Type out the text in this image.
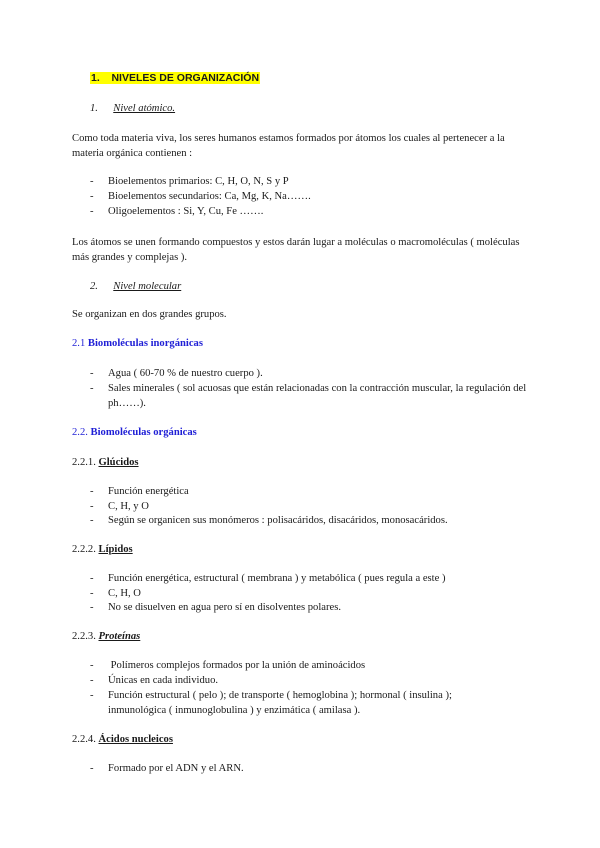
1. NIVELES DE ORGANIZACIÓN
1. Nivel atómico.

Como toda materia viva, los seres humanos estamos formados por átomos los cuales al pertenecer a la materia orgánica contienen :

- Bioelementos primarios: C, H, O, N, S y P
- Bioelementos secundarios: Ca, Mg, K, Na…….
- Oligoelementos : Si, Y, Cu, Fe …….

Los átomos se unen formando compuestos y estos darán lugar a moléculas o macromoléculas ( moléculas más grandes y complejas ).

2. Nivel molecular

Se organizan en dos grandes grupos.

2.1 Biomoléculas inorgánicas
- Agua ( 60-70 % de nuestro cuerpo ).
- Sales minerales ( sol acuosas que están relacionadas con la contracción muscular, la regulación del ph……).
2.2. Biomoléculas orgánicas
2.2.1. Glúcidos
- Función energética
- C, H, y O
- Según se organicen sus monómeros : polisacáridos, disacáridos, monosacáridos.
2.2.2. Lípidos
- Función energética, estructural ( membrana ) y metabólica ( pues regula a este )
- C, H, O
- No se disuelven en agua pero sí en disolventes polares.
2.2.3. Proteínas
- Polímeros complejos formados por la unión de aminoácidos
- Únicas en cada individuo.
- Función estructural ( pelo ); de transporte ( hemoglobina ); hormonal ( insulina ); inmunológica ( inmunoglobulina ) y enzimática ( amilasa ).
2.2.4. Ácidos nucleicos
- Formado por el ADN y el ARN.
